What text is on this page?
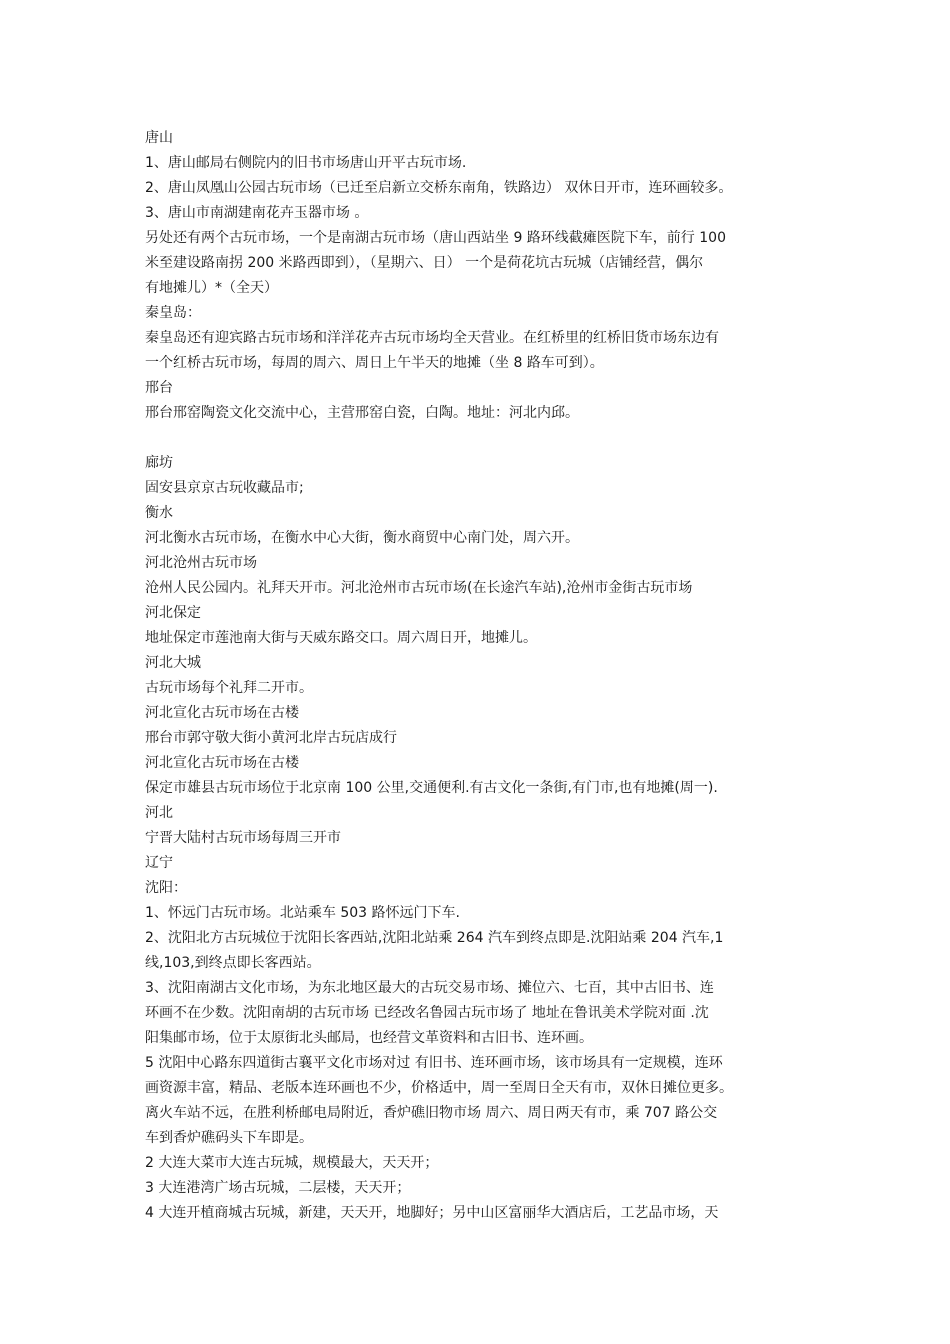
唐山

1、唐山邮局右侧院内的旧书市场唐山开平古玩市场.

2、唐山凤凰山公园古玩市场（已迁至启新立交桥东南角，铁路边） 双休日开市，连环画较多。

3、唐山市南湖建南花卉玉器市场 。

另处还有两个古玩市场，一个是南湖古玩市场（唐山西站坐 9 路环线截瘫医院下车，前行 100

米至建设路南拐 200 米路西即到），（星期六、日） 一个是荷花坑古玩城（店铺经营，偶尔

有地摊儿）*（全天）

秦皇岛：

秦皇岛还有迎宾路古玩市场和洋洋花卉古玩市场均全天营业。在红桥里的红桥旧货市场东边有

一个红桥古玩市场，每周的周六、周日上午半天的地摊（坐 8 路车可到）。

邢台

邢台邢窑陶瓷文化交流中心，主营邢窑白瓷，白陶。地址：河北内邱。

廊坊

固安县京京古玩收藏品市;

衡水

河北衡水古玩市场，在衡水中心大街，衡水商贸中心南门处，周六开。

河北沧州古玩市场

沧州人民公园内。礼拜天开市。河北沧州市古玩市场(在长途汽车站),沧州市金街古玩市场

河北保定

地址保定市莲池南大街与天威东路交口。周六周日开，地摊儿。

河北大城

古玩市场每个礼拜二开市。

河北宣化古玩市场在古楼

邢台市郭守敬大街小黄河北岸古玩店成行

河北宣化古玩市场在古楼

保定市雄县古玩市场位于北京南 100 公里,交通便利.有古文化一条街,有门市,也有地摊(周一).

河北

宁晋大陆村古玩市场每周三开市

辽宁

沈阳：

1、怀远门古玩市场。北站乘车 503 路怀远门下车.

2、沈阳北方古玩城位于沈阳长客西站,沈阳北站乘 264 汽车到终点即是.沈阳站乘 204 汽车,1

线,103,到终点即长客西站。

3、沈阳南湖古文化市场，为东北地区最大的古玩交易市场、摊位六、七百，其中古旧书、连

环画不在少数。沈阳南胡的古玩市场 已经改名鲁园古玩市场了 地址在鲁讯美术学院对面 .沈

阳集邮市场，位于太原街北头邮局，也经营文革资料和古旧书、连环画。

5 沈阳中心路东四道街古襄平文化市场对过 有旧书、连环画市场，该市场具有一定规模，连环

画资源丰富，精品、老版本连环画也不少，价格适中，周一至周日全天有市，双休日摊位更多。

离火车站不远，在胜利桥邮电局附近，香炉礁旧物市场 周六、周日两天有市，乘 707 路公交

车到香炉礁码头下车即是。

2 大连大菜市大连古玩城，规模最大，天天开；

3 大连港湾广场古玩城，二层楼，天天开；

4 大连开植商城古玩城，新建，天天开，地脚好；另中山区富丽华大酒店后，工艺品市场，天
